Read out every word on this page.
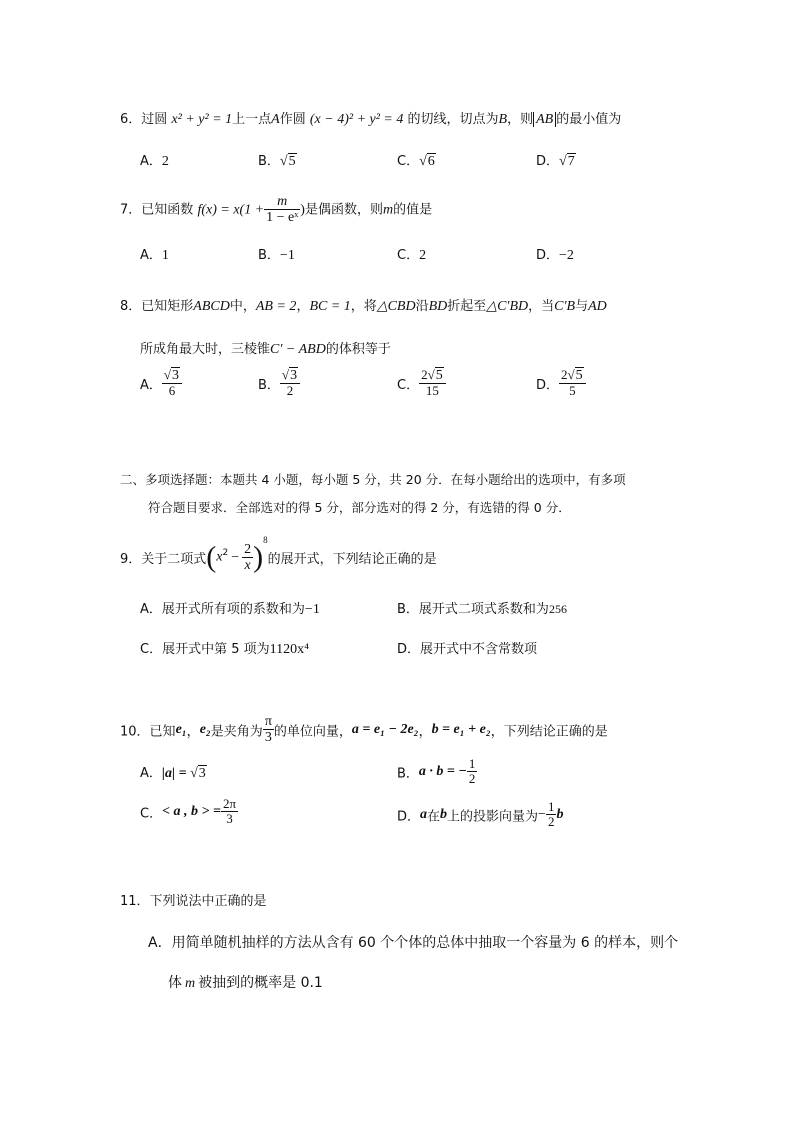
6．过圆 x² + y² = 1上一点A作圆 (x − 4)² + y² = 4 的切线，切点为B，则 AB 的最小值为
A．2	B．√5	C．√6	D．√7
7．已知函数 $f(x) = x(1 + \frac{m}{\text{1 − eˣ}}$ )是偶函数，则m的值是
A．1	B．−1	C．2	D．−2
8．已知矩形ABCD中，AB = 2，BC = 1，将△CBD沿BD折起至△C′BD，当C′B与AD
所成角最大时，三棱锥C′ − ABD的体积等于
A． $\frac{√3}{6}$	B． $\frac{√3}{2}$	C． $\frac{2√5}{15}$	D． $\frac{2√5}{5}$
二、多项选择题：本题共 4 小题，每小题 5 分，共 20 分．在每小题给出的选项中，有多项
符合题目要求．全部选对的得 5 分，部分选对的得 2 分，有选错的得 0 分．
9．关于二项式$(x^2 - \frac{2}{x} )^8$的展开式，下列结论正确的是
A．展开式所有项的系数和为−1	B．展开式二项式系数和为256
C．展开式中第 5 项为1120x⁴	D．展开式中不含常数项
10．已知e₁，e₂是夹角为 $\frac{\pi}{3}$ 的单位向量，a = e₁ − 2e₂，b = e₁ + e₂，下列结论正确的是
A．|a| = √3	B．a · b = − $\frac{1}{2}$
C．< a , b > = $\frac{2\pi}{3}$	D．a在b上的投影向量为− $\frac{1}{2}$ b
11．下列说法中正确的是
A．用简单随机抽样的方法从含有 60 个个体的总体中抽取一个容量为 6 的样本，则个
体 m 被抽到的概率是 0.1
